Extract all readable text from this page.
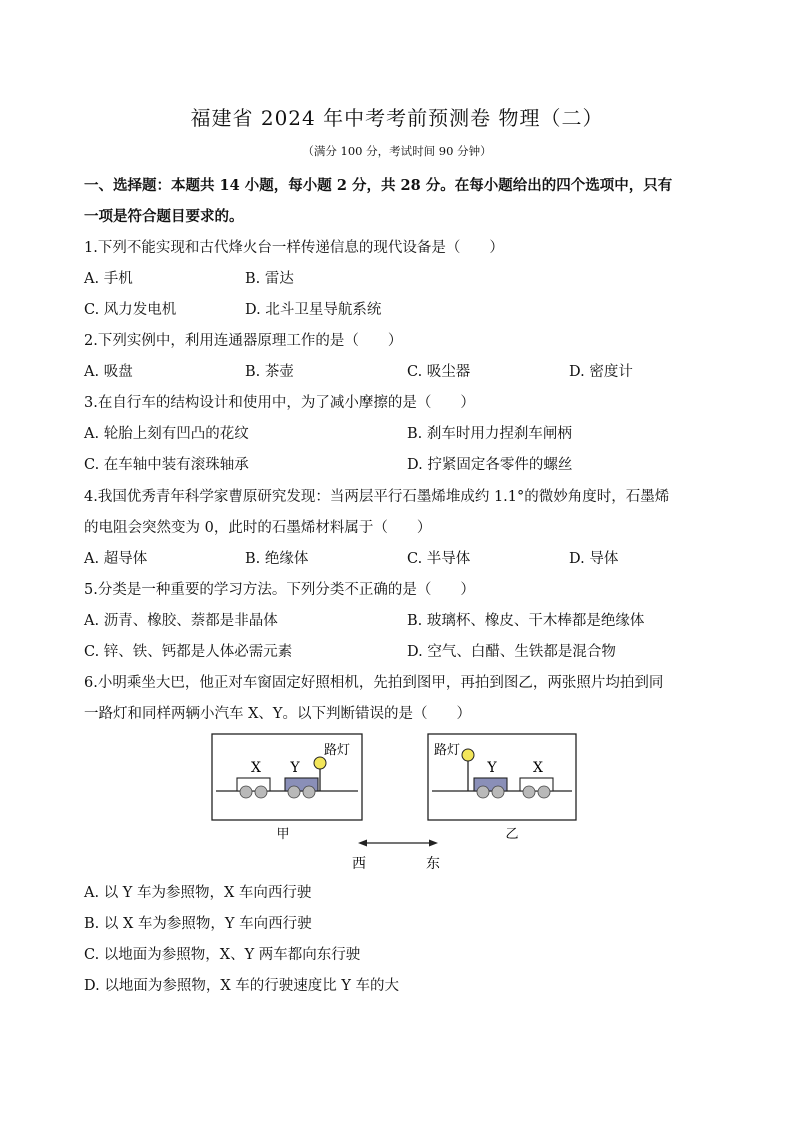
福建省 2024 年中考考前预测卷 物理（二）
（满分 100 分，考试时间 90 分钟）
一、选择题：本题共 14 小题，每小题 2 分，共 28 分。在每小题给出的四个选项中，只有
一项是符合题目要求的。
1.下列不能实现和古代烽火台一样传递信息的现代设备是（　　）
A. 手机	B. 雷达
C. 风力发电机	D. 北斗卫星导航系统
2.下列实例中，利用连通器原理工作的是（　　）
A. 吸盘	B. 茶壶	C. 吸尘器	D. 密度计
3.在自行车的结构设计和使用中，为了减小摩擦的是（　　）
A. 轮胎上刻有凹凸的花纹	B. 刹车时用力捏刹车闸柄
C. 在车轴中装有滚珠轴承	D. 拧紧固定各零件的螺丝
4.我国优秀青年科学家曹原研究发现：当两层平行石墨烯堆成约 1.1°的微妙角度时，石墨烯
的电阻会突然变为 0，此时的石墨烯材料属于（　　）
A. 超导体	B. 绝缘体	C. 半导体	D. 导体
5.分类是一种重要的学习方法。下列分类不正确的是（　　）
A. 沥青、橡胶、萘都是非晶体	B. 玻璃杯、橡皮、干木棒都是绝缘体
C. 锌、铁、钙都是人体必需元素	D. 空气、白醋、生铁都是混合物
6.小明乘坐大巴，他正对车窗固定好照相机，先拍到图甲，再拍到图乙，两张照片均拍到同
一路灯和同样两辆小汽车 X、Y。以下判断错误的是（　　）
X Y
路灯
甲
路灯
Y	X
乙
西	东
A. 以 Y 车为参照物，X 车向西行驶
B. 以 X 车为参照物，Y 车向西行驶
C. 以地面为参照物，X、Y 两车都向东行驶
D. 以地面为参照物，X 车的行驶速度比 Y 车的大
